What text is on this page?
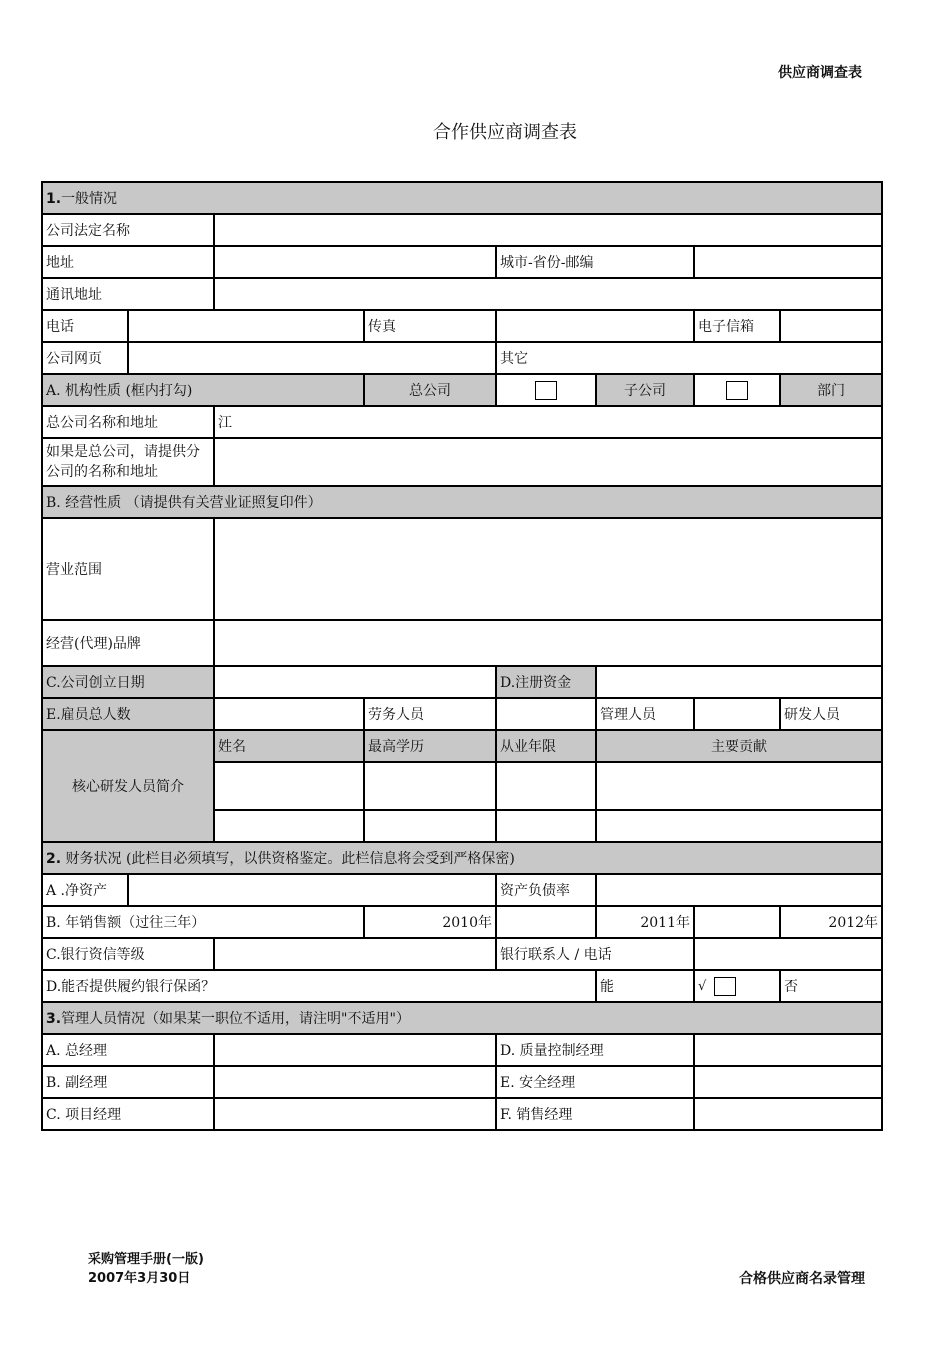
供应商调查表
合作供应商调查表
1.一般情况							
公司法定名称							
地址				城市-省份-邮编			
通讯地址							
电话			传真			电子信箱	
公司网页				其它			
A. 机构性质 (框内打勾)			总公司		子公司		部门
总公司名称和地址		江					
如果是总公司，请提供分公司的名称和地址							
B. 经营性质 （请提供有关营业证照复印件）							
营业范围							
经营(代理)品牌							
C.公司创立日期				D.注册资金			
E.雇员总人数			劳务人员		管理人员		研发人员
核心研发人员简介		姓名	最高学历	从业年限	主要贡献		

2. 财务状况 (此栏目必须填写，以供资格鉴定。此栏信息将会受到严格保密)							
A .净资产				资产负债率			
B. 年销售额（过往三年）			2010年		2011年		2012年
C.银行资信等级				银行联系人 / 电话			
D.能否提供履约银行保函？					能	√	否
3.管理人员情况（如果某一职位不适用，请注明"不适用"）							
A. 总经理				D. 质量控制经理			
B. 副经理				E. 安全经理			
C. 项目经理				F. 销售经理			
采购管理手册(一版)
2007年3月30日	合格供应商名录管理
